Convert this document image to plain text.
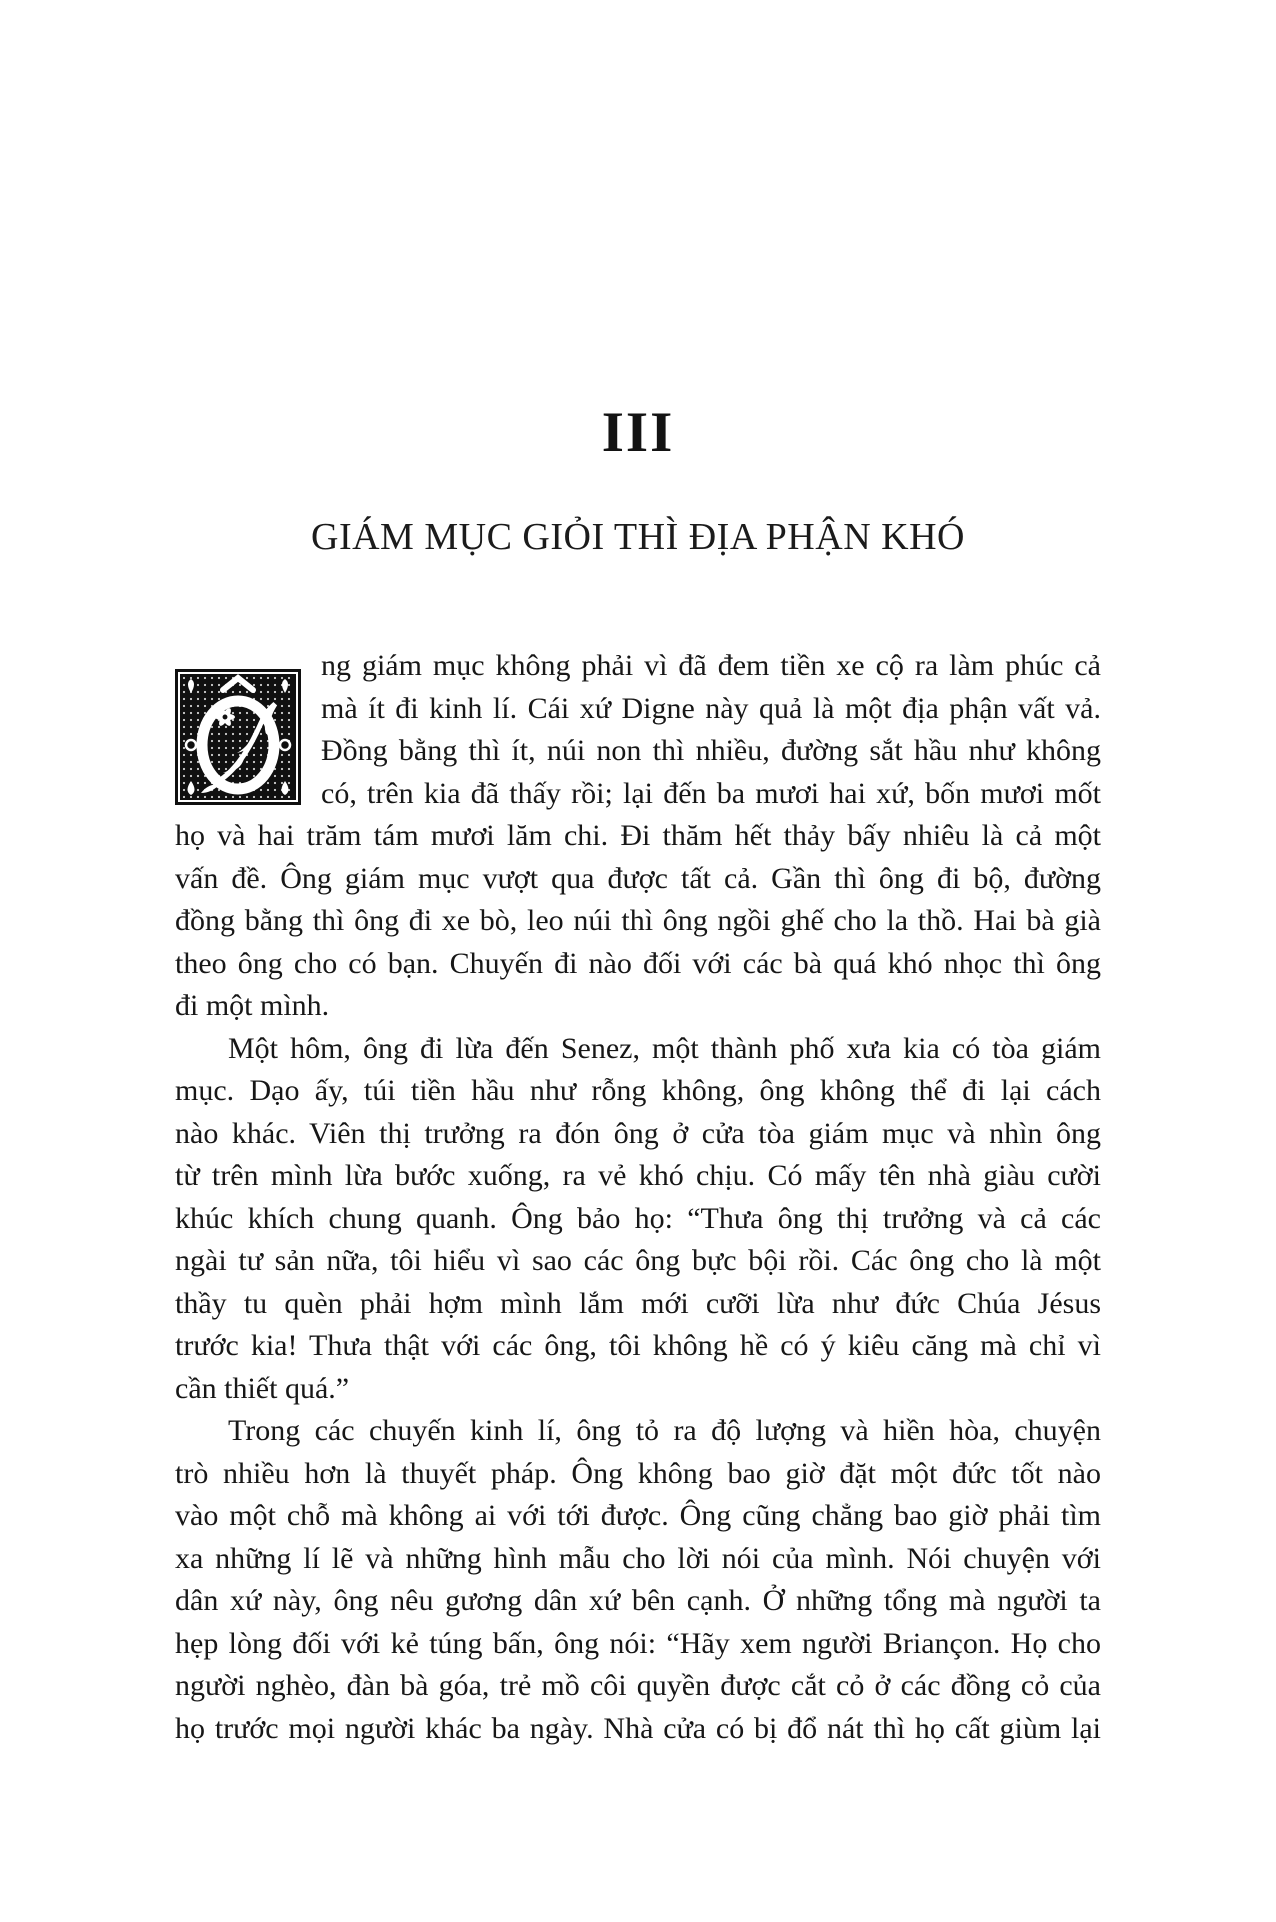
III
GIÁM MỤC GIỎI THÌ ĐỊA PHẬN KHÓ
ng giám mục không phải vì đã đem tiền xe cộ ra làm phúc cả
mà ít đi kinh lí. Cái xứ Digne này quả là một địa phận vất vả.
Đồng bằng thì ít, núi non thì nhiều, đường sắt hầu như không
có, trên kia đã thấy rồi; lại đến ba mươi hai xứ, bốn mươi mốt
họ và hai trăm tám mươi lăm chi. Đi thăm hết thảy bấy nhiêu là cả một
vấn đề. Ông giám mục vượt qua được tất cả. Gần thì ông đi bộ, đường
đồng bằng thì ông đi xe bò, leo núi thì ông ngồi ghế cho la thồ. Hai bà già
theo ông cho có bạn. Chuyến đi nào đối với các bà quá khó nhọc thì ông
đi một mình.
Một hôm, ông đi lừa đến Senez, một thành phố xưa kia có tòa giám
mục. Dạo ấy, túi tiền hầu như rỗng không, ông không thể đi lại cách
nào khác. Viên thị trưởng ra đón ông ở cửa tòa giám mục và nhìn ông
từ trên mình lừa bước xuống, ra vẻ khó chịu. Có mấy tên nhà giàu cười
khúc khích chung quanh. Ông bảo họ: “Thưa ông thị trưởng và cả các
ngài tư sản nữa, tôi hiểu vì sao các ông bực bội rồi. Các ông cho là một
thầy tu quèn phải hợm mình lắm mới cưỡi lừa như đức Chúa Jésus
trước kia! Thưa thật với các ông, tôi không hề có ý kiêu căng mà chỉ vì
cần thiết quá.”
Trong các chuyến kinh lí, ông tỏ ra độ lượng và hiền hòa, chuyện
trò nhiều hơn là thuyết pháp. Ông không bao giờ đặt một đức tốt nào
vào một chỗ mà không ai với tới được. Ông cũng chẳng bao giờ phải tìm
xa những lí lẽ và những hình mẫu cho lời nói của mình. Nói chuyện với
dân xứ này, ông nêu gương dân xứ bên cạnh. Ở những tổng mà người ta
hẹp lòng đối với kẻ túng bấn, ông nói: “Hãy xem người Briançon. Họ cho
người nghèo, đàn bà góa, trẻ mồ côi quyền được cắt cỏ ở các đồng cỏ của
họ trước mọi người khác ba ngày. Nhà cửa có bị đổ nát thì họ cất giùm lại
